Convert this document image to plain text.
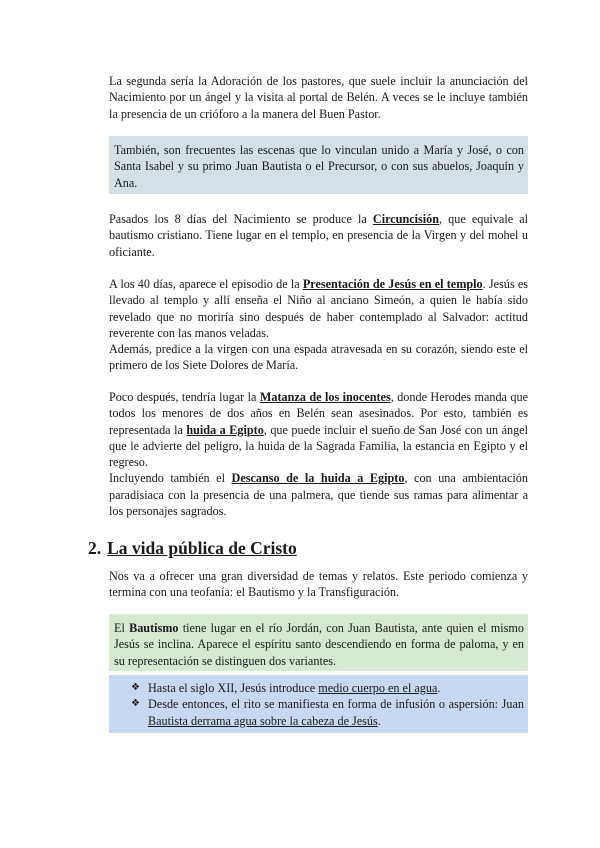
La segunda sería la Adoración de los pastores, que suele incluir la anunciación del Nacimiento por un ángel y la visita al portal de Belén. A veces se le incluye también la presencia de un crióforo a la manera del Buen Pastor.

También, son frecuentes las escenas que lo vinculan unido a María y José, o con Santa Isabel y su primo Juan Bautista o el Precursor, o con sus abuelos, Joaquín y Ana.

Pasados los 8 días del Nacimiento se produce la Circuncisión, que equivale al bautismo cristiano. Tiene lugar en el templo, en presencia de la Virgen y del mohel u oficiante.

A los 40 días, aparece el episodio de la Presentación de Jesús en el templo. Jesús es llevado al templo y allí enseña el Niño al anciano Simeón, a quien le había sido revelado que no moriría sino después de haber contemplado al Salvador: actitud reverente con las manos veladas.
Además, predice a la virgen con una espada atravesada en su corazón, siendo este el primero de los Siete Dolores de María.

Poco después, tendría lugar la Matanza de los inocentes, donde Herodes manda que todos los menores de dos años en Belén sean asesinados. Por esto, también es representada la huida a Egipto, que puede incluir el sueño de San José con un ángel que le advierte del peligro, la huida de la Sagrada Familia, la estancia en Egipto y el regreso.
Incluyendo también el Descanso de la huida a Egipto, con una ambientación paradisiaca con la presencia de una palmera, que tiende sus ramas para alimentar a los personajes sagrados.

2. La vida pública de Cristo

Nos va a ofrecer una gran diversidad de temas y relatos. Este periodo comienza y termina con una teofanía: el Bautismo y la Transfiguración.

El Bautismo tiene lugar en el río Jordán, con Juan Bautista, ante quien el mismo Jesús se inclina. Aparece el espíritu santo descendiendo en forma de paloma, y en su representación se distinguen dos variantes.

❖ Hasta el siglo XII, Jesús introduce medio cuerpo en el agua.
❖ Desde entonces, el rito se manifiesta en forma de infusión o aspersión: Juan Bautista derrama agua sobre la cabeza de Jesús.
